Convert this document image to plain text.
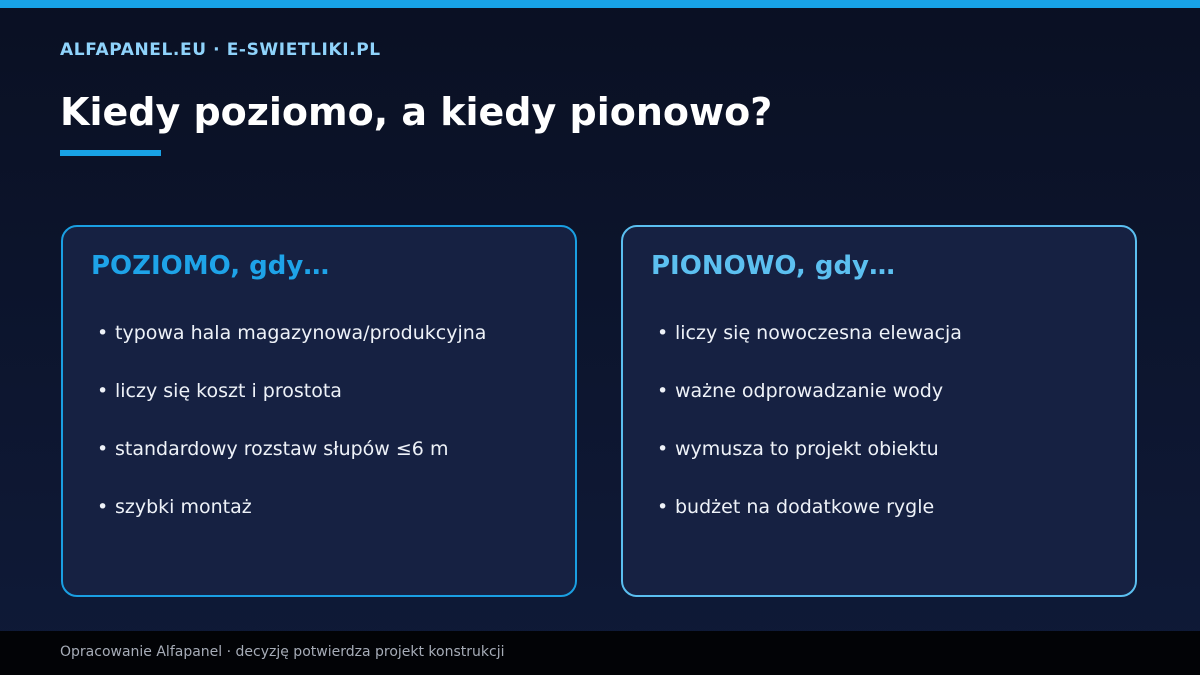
ALFAPANEL.EU · E-SWIETLIKI.PL
Kiedy poziomo, a kiedy pionowo?
POZIOMO, gdy…
• typowa hala magazynowa/produkcyjna
• liczy się koszt i prostota
• standardowy rozstaw słupów ≤6 m
• szybki montaż
PIONOWO, gdy…
• liczy się nowoczesna elewacja
• ważne odprowadzanie wody
• wymusza to projekt obiektu
• budżet na dodatkowe rygle
Opracowanie Alfapanel · decyzję potwierdza projekt konstrukcji
